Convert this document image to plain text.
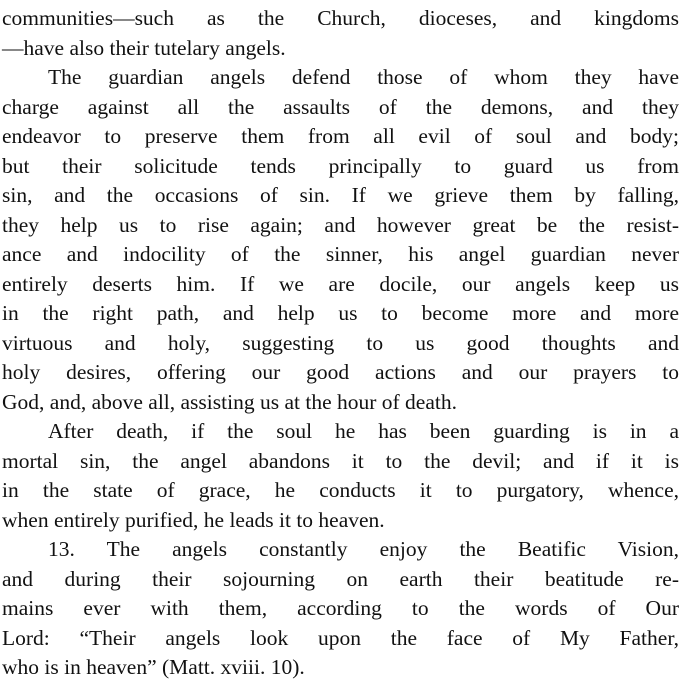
communities—such as the Church, dioceses, and kingdoms
—have also their tutelary angels.
The guardian angels defend those of whom they have
charge against all the assaults of the demons, and they
endeavor to preserve them from all evil of soul and body;
but their solicitude tends principally to guard us from
sin, and the occasions of sin. If we grieve them by falling,
they help us to rise again; and however great be the resist-
ance and indocility of the sinner, his angel guardian never
entirely deserts him. If we are docile, our angels keep us
in the right path, and help us to become more and more
virtuous and holy, suggesting to us good thoughts and
holy desires, offering our good actions and our prayers to
God, and, above all, assisting us at the hour of death.
After death, if the soul he has been guarding is in a
mortal sin, the angel abandons it to the devil; and if it is
in the state of grace, he conducts it to purgatory, whence,
when entirely purified, he leads it to heaven.
13. The angels constantly enjoy the Beatific Vision,
and during their sojourning on earth their beatitude re-
mains ever with them, according to the words of Our
Lord: “Their angels look upon the face of My Father,
who is in heaven” (Matt. xviii. 10).
